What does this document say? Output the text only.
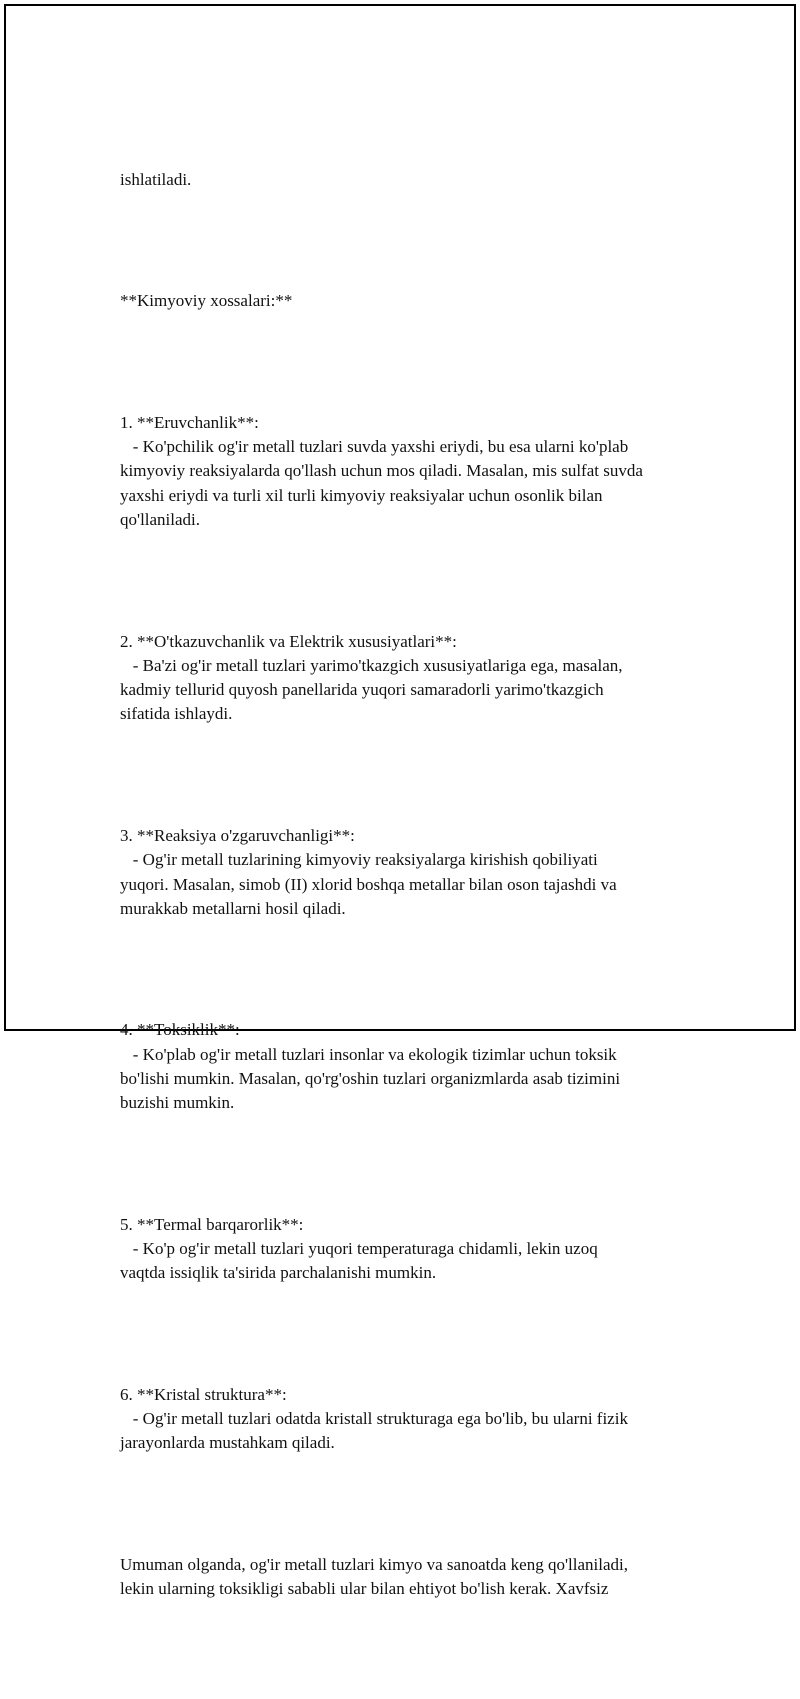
ishlatiladi.

**Kimyoviy xossalari:**

1. **Eruvchanlik**:
- Ko'pchilik og'ir metall tuzlari suvda yaxshi eriydi, bu esa ularni ko'plab
kimyoviy reaksiyalarda qo'llash uchun mos qiladi. Masalan, mis sulfat suvda
yaxshi eriydi va turli xil turli kimyoviy reaksiyalar uchun osonlik bilan
qo'llaniladi.

2. **O'tkazuvchanlik va Elektrik xususiyatlari**:
- Ba'zi og'ir metall tuzlari yarimo'tkazgich xususiyatlariga ega, masalan,
kadmiy tellurid quyosh panellarida yuqori samaradorli yarimo'tkazgich
sifatida ishlaydi.

3. **Reaksiya o'zgaruvchanligi**:
- Og'ir metall tuzlarining kimyoviy reaksiyalarga kirishish qobiliyati
yuqori. Masalan, simob (II) xlorid boshqa metallar bilan oson tajashdi va
murakkab metallarni hosil qiladi.

4. **Toksiklik**:
- Ko'plab og'ir metall tuzlari insonlar va ekologik tizimlar uchun toksik
bo'lishi mumkin. Masalan, qo'rg'oshin tuzlari organizmlarda asab tizimini
buzishi mumkin.

5. **Termal barqarorlik**:
- Ko'p og'ir metall tuzlari yuqori temperaturaga chidamli, lekin uzoq
vaqtda issiqlik ta'sirida parchalanishi mumkin.

6. **Kristal struktura**:
- Og'ir metall tuzlari odatda kristall strukturaga ega bo'lib, bu ularni fizik
jarayonlarda mustahkam qiladi.

Umuman olganda, og'ir metall tuzlari kimyo va sanoatda keng qo'llaniladi,
lekin ularning toksikligi sababli ular bilan ehtiyot bo'lish kerak. Xavfsiz
